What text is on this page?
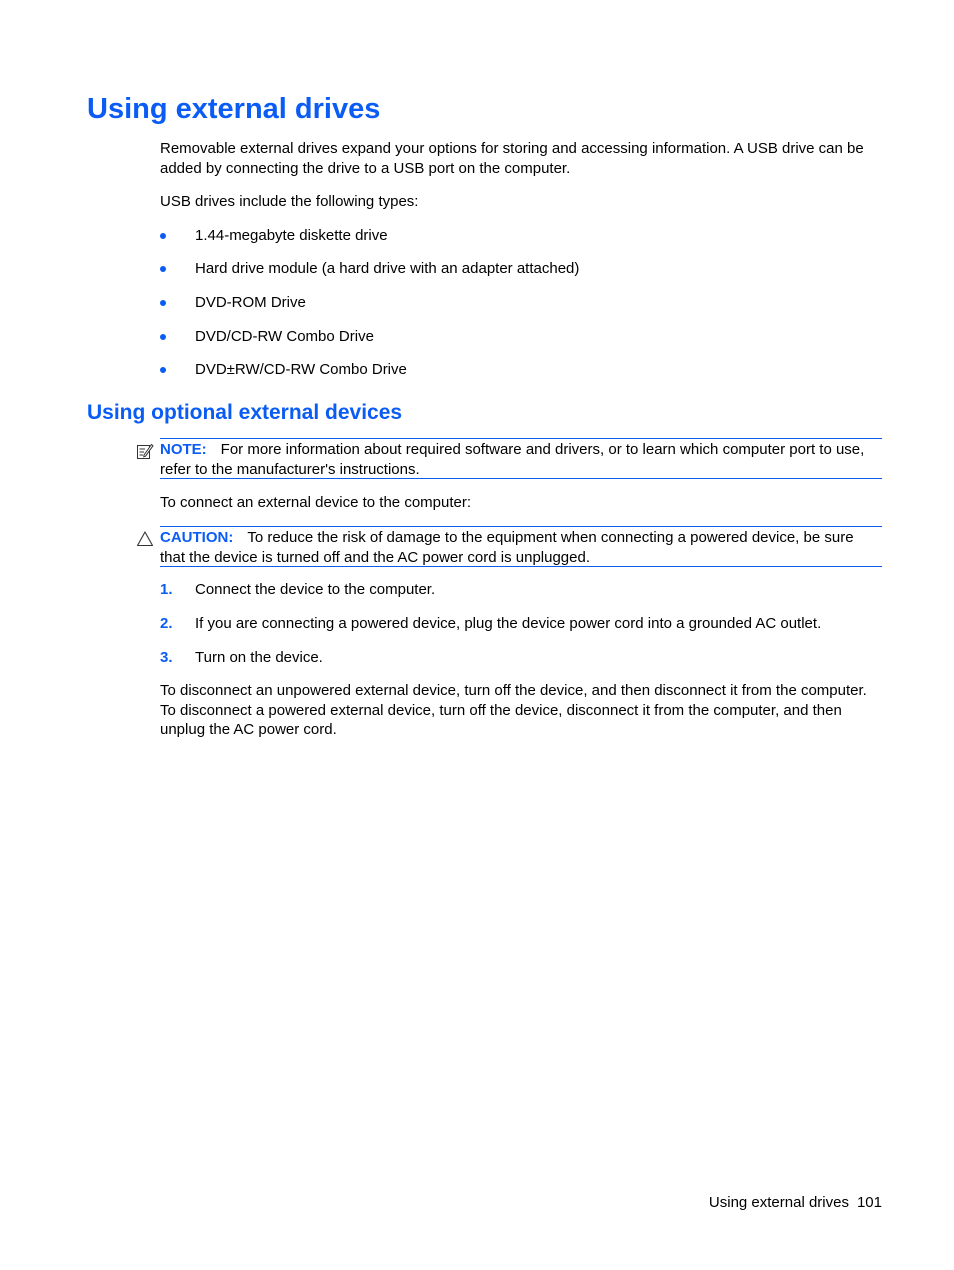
Using external drives

Removable external drives expand your options for storing and accessing information. A USB drive can be added by connecting the drive to a USB port on the computer.

USB drives include the following types:

1.44-megabyte diskette drive
Hard drive module (a hard drive with an adapter attached)
DVD-ROM Drive
DVD/CD-RW Combo Drive
DVD±RW/CD-RW Combo Drive
Using optional external devices
NOTE: For more information about required software and drivers, or to learn which computer port to use, refer to the manufacturer's instructions.

To connect an external device to the computer:

CAUTION: To reduce the risk of damage to the equipment when connecting a powered device, be sure that the device is turned off and the AC power cord is unplugged.
1. Connect the device to the computer.
2. If you are connecting a powered device, plug the device power cord into a grounded AC outlet.
3. Turn on the device.

To disconnect an unpowered external device, turn off the device, and then disconnect it from the computer. To disconnect a powered external device, turn off the device, disconnect it from the computer, and then unplug the AC power cord.

Using external drives 101
